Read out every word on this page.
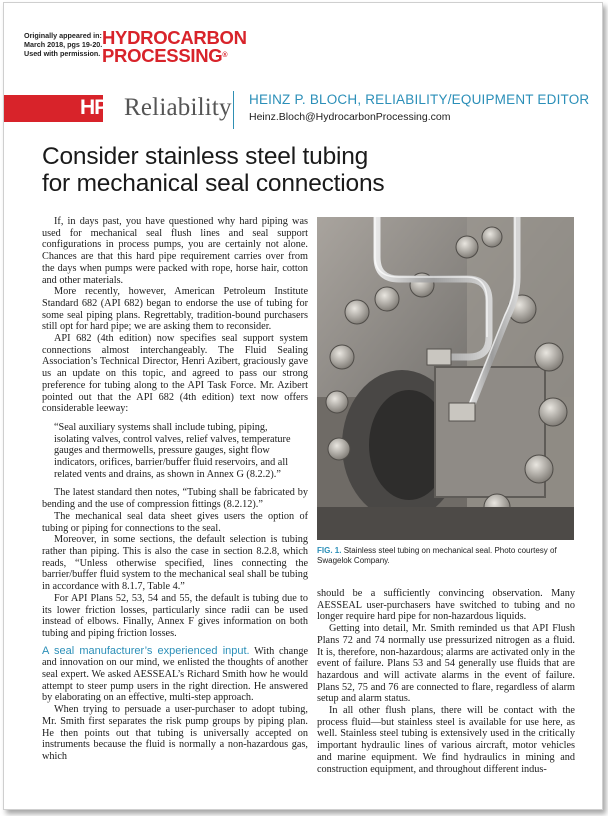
Originally appeared in:
March 2018, pgs 19-20.
Used with permission.
HYDROCARBON
PROCESSING®
HP Reliability HEINZ P. BLOCH, RELIABILITY/EQUIPMENT EDITOR
Heinz.Bloch@HydrocarbonProcessing.com
Consider stainless steel tubing
for mechanical seal connections

If, in days past, you have questioned why hard piping was used for mechanical seal flush lines and seal support configurations in process pumps, you are certainly not alone. Chances are that this hard pipe requirement carries over from the days when pumps were packed with rope, horse hair, cotton and other materials.

More recently, however, American Petroleum Institute Standard 682 (API 682) began to endorse the use of tubing for some seal piping plans. Regrettably, tradition-bound purchasers still opt for hard pipe; we are asking them to reconsider.

API 682 (4th edition) now specifies seal support system connections almost interchangeably. The Fluid Sealing Association’s Technical Director, Henri Azibert, graciously gave us an update on this topic, and agreed to pass our strong preference for tubing along to the API Task Force. Mr. Azibert pointed out that the API 682 (4th edition) text now offers considerable leeway:

“Seal auxiliary systems shall include tubing, piping, isolating valves, control valves, relief valves, temperature gauges and thermowells, pressure gauges, sight flow indicators, orifices, barrier/buffer fluid reservoirs, and all related vents and drains, as shown in Annex G (8.2.2).”

The latest standard then notes, “Tubing shall be fabricated by bending and the use of compression fittings (8.2.12).”

The mechanical seal data sheet gives users the option of tubing or piping for connections to the seal.

Moreover, in some sections, the default selection is tubing rather than piping. This is also the case in section 8.2.8, which reads, “Unless otherwise specified, lines connecting the barrier/buffer fluid system to the mechanical seal shall be tubing in accordance with 8.1.7, Table 4.”

For API Plans 52, 53, 54 and 55, the default is tubing due to its lower friction losses, particularly since radii can be used instead of elbows. Finally, Annex F gives information on both tubing and piping friction losses.

A seal manufacturer’s experienced input. With change and innovation on our mind, we enlisted the thoughts of another seal expert. We asked AESSEAL’s Richard Smith how he would attempt to steer pump users in the right direction. He answered by elaborating on an effective, multi-step approach.

When trying to persuade a user-purchaser to adopt tubing, Mr. Smith first separates the risk pump groups by piping plan. He then points out that tubing is universally accepted on instruments because the fluid is normally a non-hazardous gas, which

FIG. 1. Stainless steel tubing on mechanical seal. Photo courtesy of Swagelok Company.

should be a sufficiently convincing observation. Many AESSEAL user-purchasers have switched to tubing and no longer require hard pipe for non-hazardous liquids.

Getting into detail, Mr. Smith reminded us that API Flush Plans 72 and 74 normally use pressurized nitrogen as a fluid. It is, therefore, non-hazardous; alarms are activated only in the event of failure. Plans 53 and 54 generally use fluids that are hazardous and will activate alarms in the event of failure. Plans 52, 75 and 76 are connected to flare, regardless of alarm setup and alarm status.

In all other flush plans, there will be contact with the process fluid—but stainless steel is available for use here, as well. Stainless steel tubing is extensively used in the critically important hydraulic lines of various aircraft, motor vehicles and marine equipment. We find hydraulics in mining and construction equipment, and throughout different indus-
